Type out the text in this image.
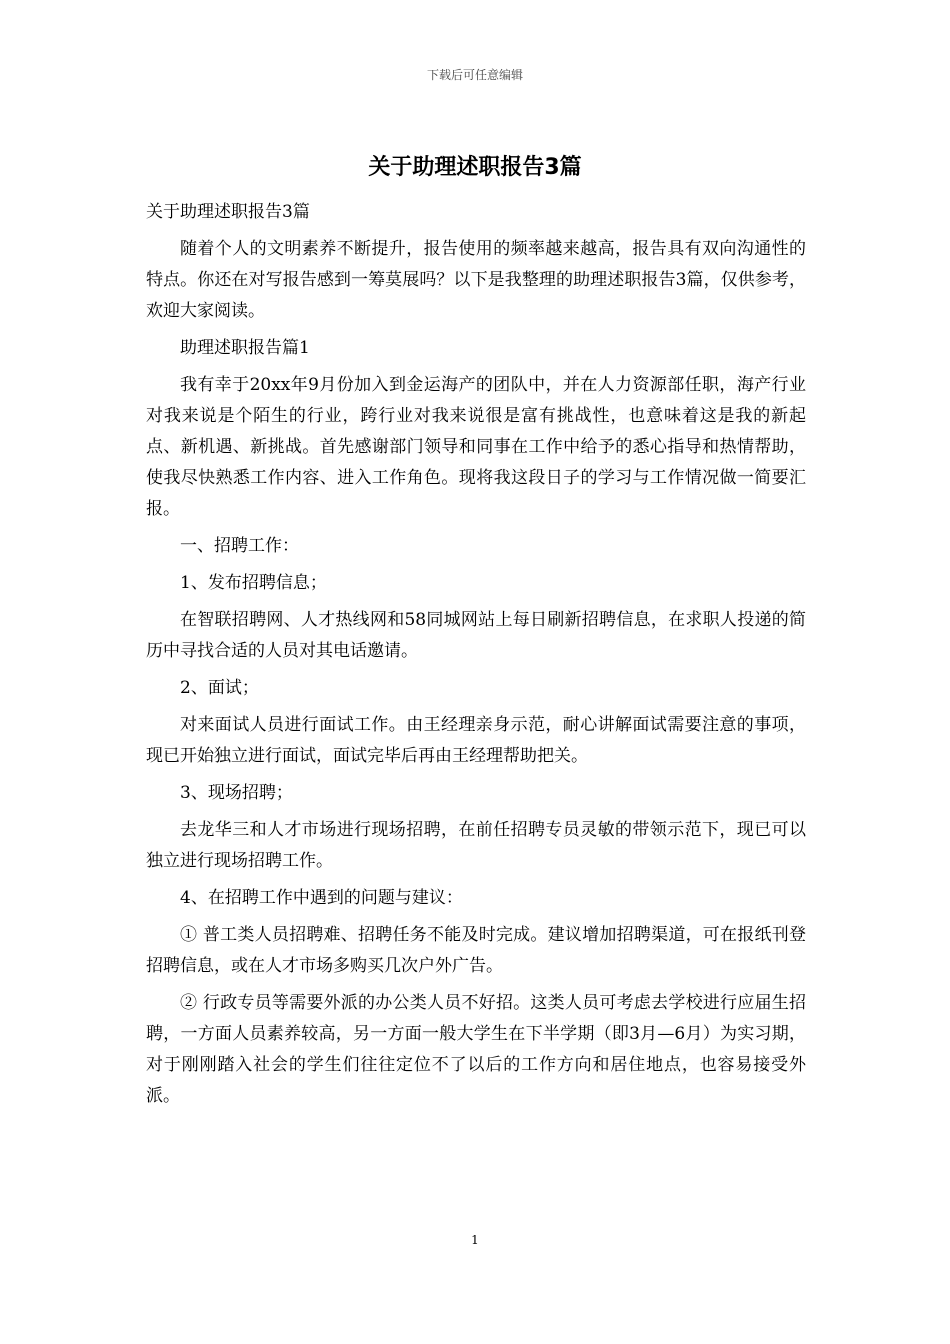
下载后可任意编辑
关于助理述职报告3篇

关于助理述职报告3篇

随着个人的文明素养不断提升，报告使用的频率越来越高，报告具有双向沟通性的特点。你还在对写报告感到一筹莫展吗？以下是我整理的助理述职报告3篇，仅供参考，欢迎大家阅读。

助理述职报告篇1

我有幸于20xx年9月份加入到金运海产的团队中，并在人力资源部任职，海产行业对我来说是个陌生的行业，跨行业对我来说很是富有挑战性，也意味着这是我的新起点、新机遇、新挑战。首先感谢部门领导和同事在工作中给予的悉心指导和热情帮助，使我尽快熟悉工作内容、进入工作角色。现将我这段日子的学习与工作情况做一简要汇报。

一、招聘工作：

1、发布招聘信息；

在智联招聘网、人才热线网和58同城网站上每日刷新招聘信息，在求职人投递的简历中寻找合适的人员对其电话邀请。

2、面试；

对来面试人员进行面试工作。由王经理亲身示范，耐心讲解面试需要注意的事项，现已开始独立进行面试，面试完毕后再由王经理帮助把关。

3、现场招聘；

去龙华三和人才市场进行现场招聘，在前任招聘专员灵敏的带领示范下，现已可以独立进行现场招聘工作。

4、在招聘工作中遇到的问题与建议：

① 普工类人员招聘难、招聘任务不能及时完成。建议增加招聘渠道，可在报纸刊登招聘信息，或在人才市场多购买几次户外广告。

② 行政专员等需要外派的办公类人员不好招。这类人员可考虑去学校进行应届生招聘，一方面人员素养较高，另一方面一般大学生在下半学期（即3月—6月）为实习期，对于刚刚踏入社会的学生们往往定位不了以后的工作方向和居住地点，也容易接受外派。

1
